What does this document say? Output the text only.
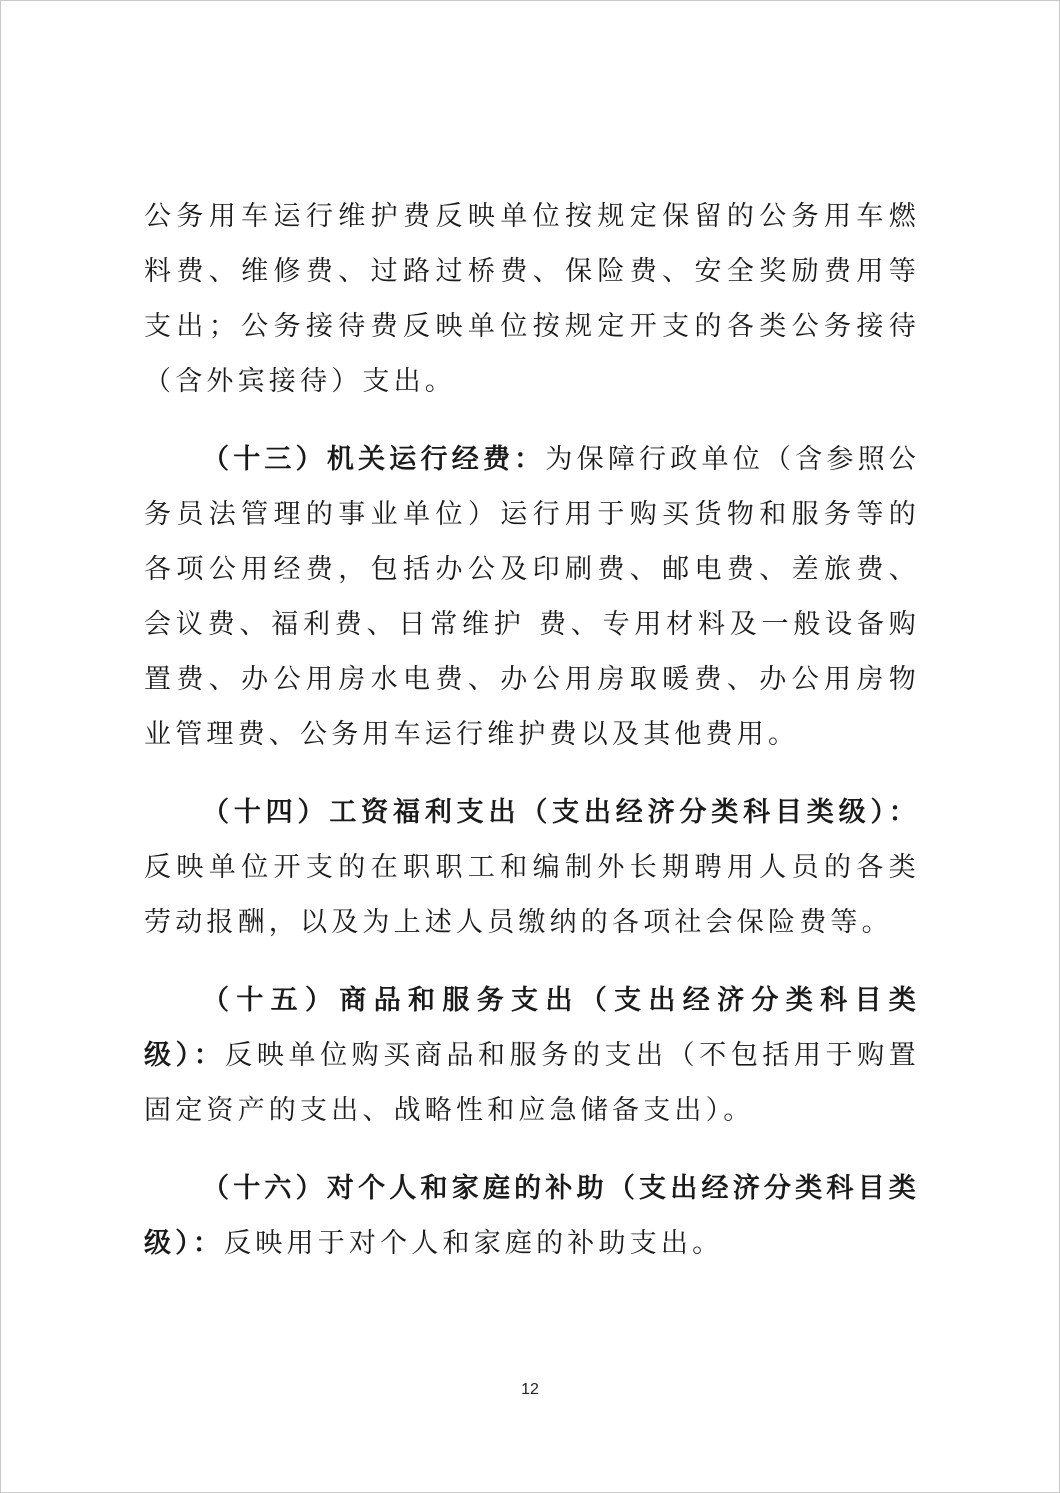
公务用车运行维护费反映单位按规定保留的公务用车燃料费、维修费、过路过桥费、保险费、安全奖励费用等支出；公务接待费反映单位按规定开支的各类公务接待（含外宾接待）支出。

（十三）机关运行经费：为保障行政单位（含参照公务员法管理的事业单位）运行用于购买货物和服务等的各项公用经费，包括办公及印刷费、邮电费、差旅费、会议费、福利费、日常维护 费、专用材料及一般设备购置费、办公用房水电费、办公用房取暖费、办公用房物业管理费、公务用车运行维护费以及其他费用。

（十四）工资福利支出（支出经济分类科目类级）：反映单位开支的在职职工和编制外长期聘用人员的各类劳动报酬，以及为上述人员缴纳的各项社会保险费等。

（十五）商品和服务支出（支出经济分类科目类级）：反映单位购买商品和服务的支出（不包括用于购置固定资产的支出、战略性和应急储备支出）。

（十六）对个人和家庭的补助（支出经济分类科目类级）：反映用于对个人和家庭的补助支出。

12
